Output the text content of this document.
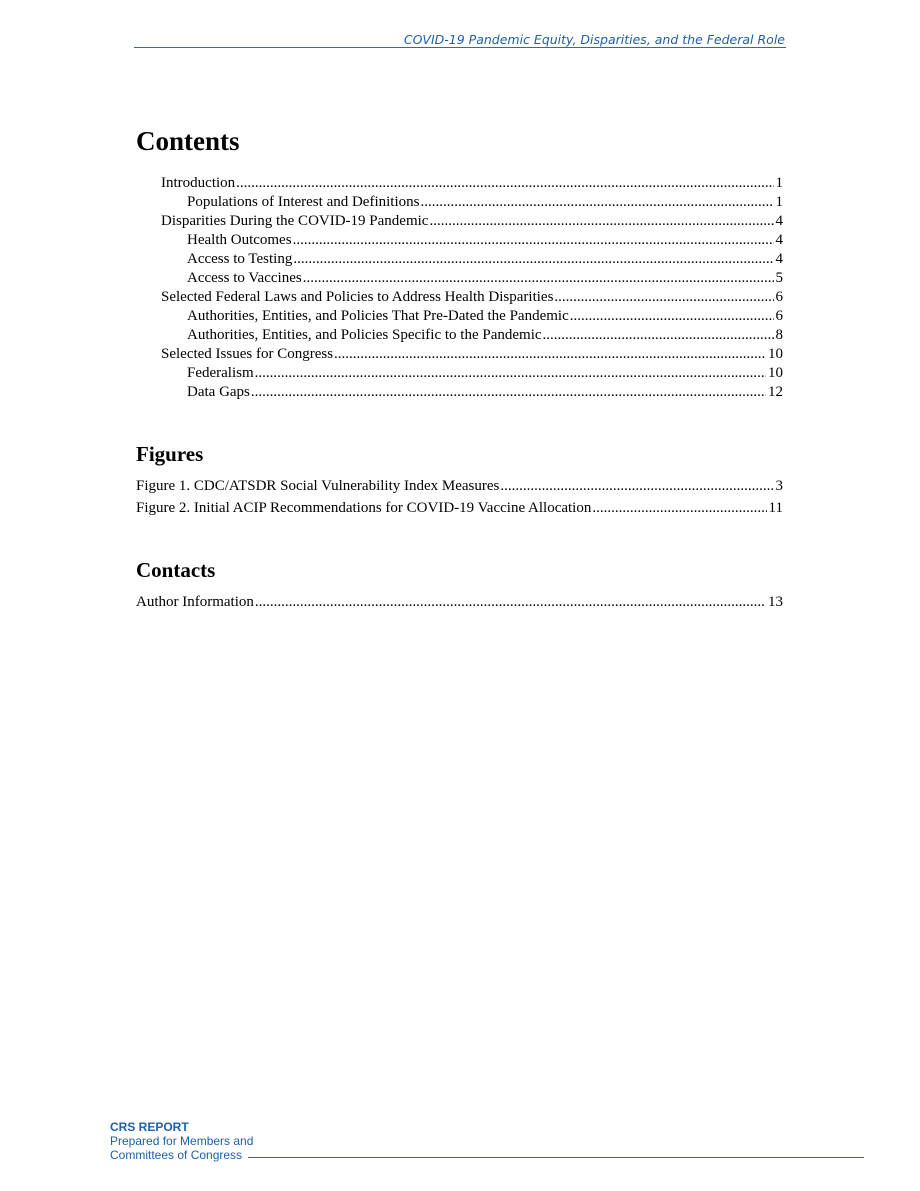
COVID-19 Pandemic Equity, Disparities, and the Federal Role
Contents
Introduction .....	1
Populations of Interest and Definitions .....	1
Disparities During the COVID-19 Pandemic .....	4
Health Outcomes .....	4
Access to Testing .....	4
Access to Vaccines .....	5
Selected Federal Laws and Policies to Address Health Disparities .....	6
Authorities, Entities, and Policies That Pre-Dated the Pandemic .....	6
Authorities, Entities, and Policies Specific to the Pandemic .....	8
Selected Issues for Congress .....	10
Federalism .....	10
Data Gaps .....	12
Figures
Figure 1. CDC/ATSDR Social Vulnerability Index Measures .....	3
Figure 2. Initial ACIP Recommendations for COVID-19 Vaccine Allocation .....	11
Contacts
Author Information .....	13
CRS REPORT
Prepared for Members and
Committees of Congress
